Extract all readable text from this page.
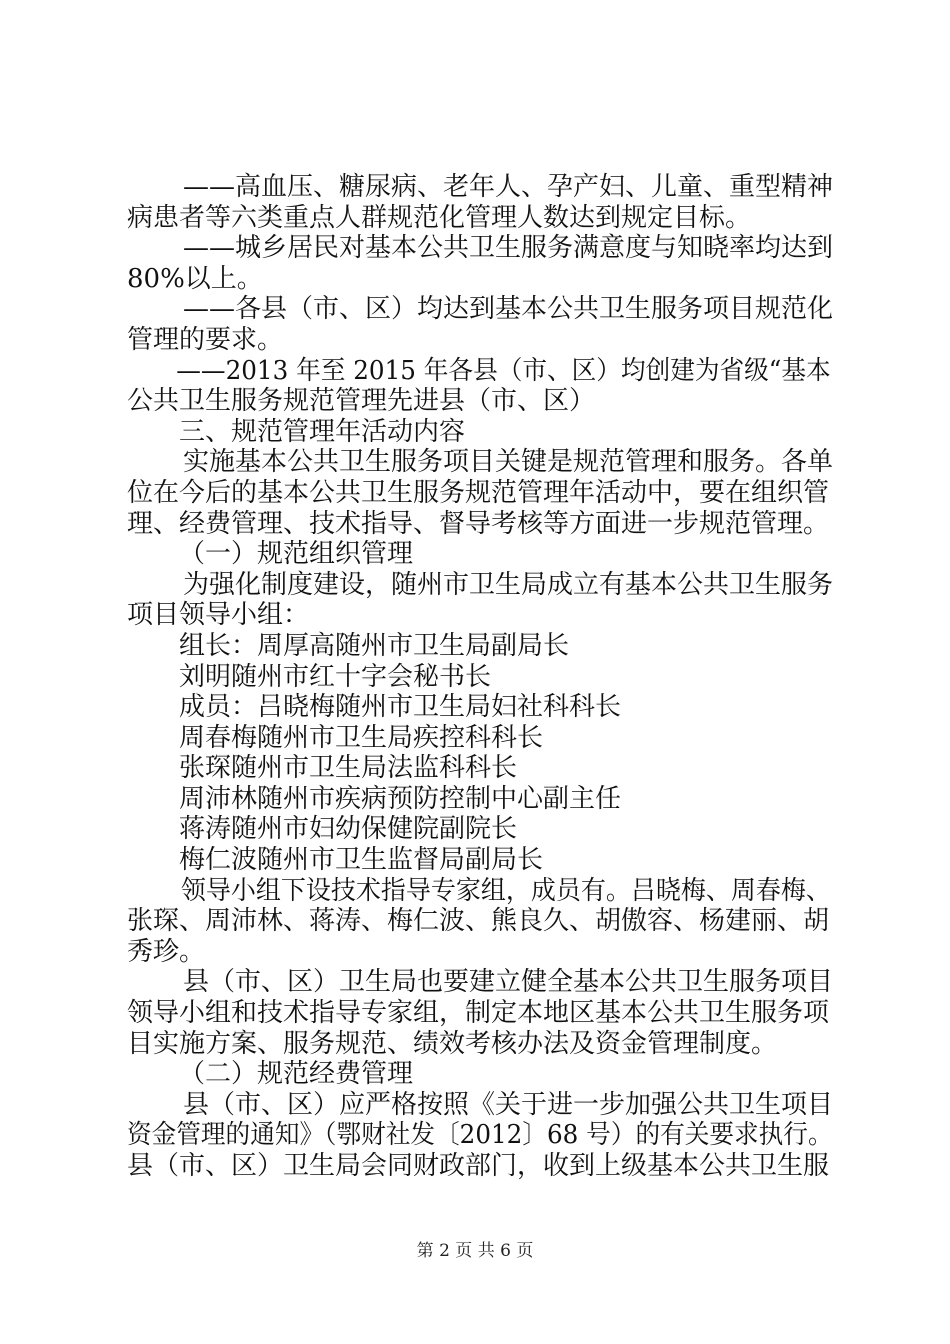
——高血压、糖尿病、老年人、孕产妇、儿童、重型精神
病患者等六类重点人群规范化管理人数达到规定目标。
——城乡居民对基本公共卫生服务满意度与知晓率均达到
80%以上。
——各县（市、区）均达到基本公共卫生服务项目规范化
管理的要求。
——2013 年至 2015 年各县（市、区）均创建为省级“基本
公共卫生服务规范管理先进县（市、区）
三、规范管理年活动内容
实施基本公共卫生服务项目关键是规范管理和服务。各单
位在今后的基本公共卫生服务规范管理年活动中，要在组织管
理、经费管理、技术指导、督导考核等方面进一步规范管理。
（一）规范组织管理
为强化制度建设，随州市卫生局成立有基本公共卫生服务
项目领导小组：
组长：周厚高随州市卫生局副局长
刘明随州市红十字会秘书长
成员：吕晓梅随州市卫生局妇社科科长
周春梅随州市卫生局疾控科科长
张琛随州市卫生局法监科科长
周沛林随州市疾病预防控制中心副主任
蒋涛随州市妇幼保健院副院长
梅仁波随州市卫生监督局副局长
领导小组下设技术指导专家组，成员有。吕晓梅、周春梅、
张琛、周沛林、蒋涛、梅仁波、熊良久、胡傲容、杨建丽、胡
秀珍。
县（市、区）卫生局也要建立健全基本公共卫生服务项目
领导小组和技术指导专家组，制定本地区基本公共卫生服务项
目实施方案、服务规范、绩效考核办法及资金管理制度。
（二）规范经费管理
县（市、区）应严格按照《关于进一步加强公共卫生项目
资金管理的通知》（鄂财社发〔2012〕68 号）的有关要求执行。
县（市、区）卫生局会同财政部门，收到上级基本公共卫生服
第 2 页 共 6 页
